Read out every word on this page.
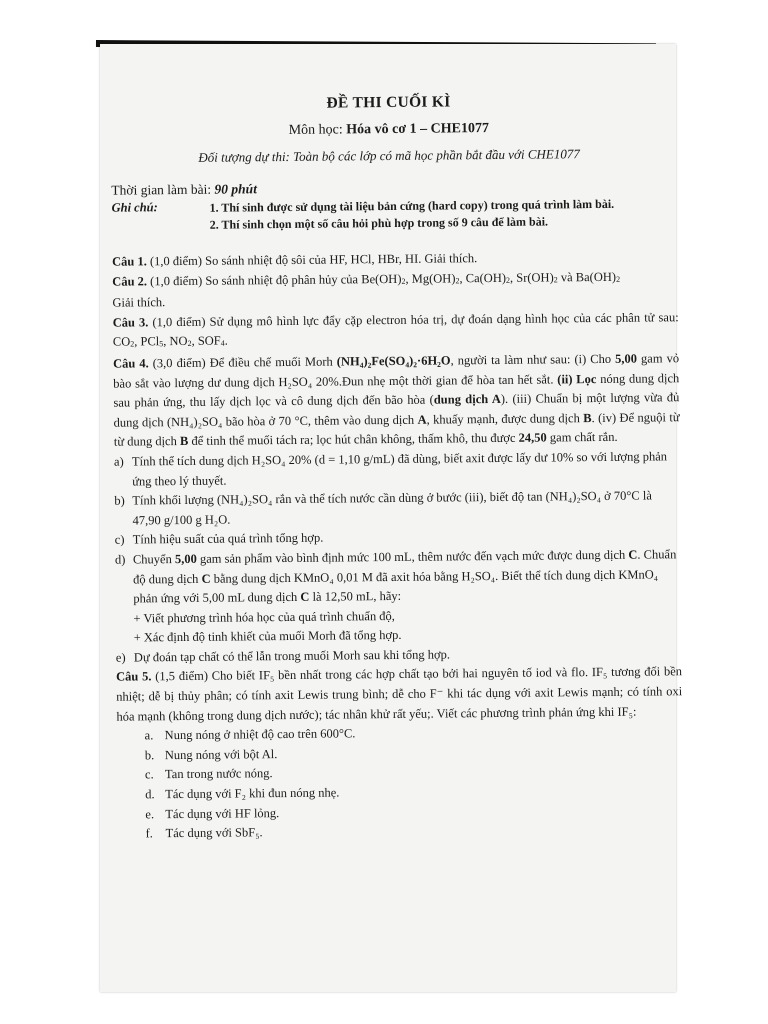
ĐỀ THI CUỐI KÌ
Môn học: Hóa vô cơ 1 – CHE1077
Đối tượng dự thi: Toàn bộ các lớp có mã học phần bắt đầu với CHE1077
Thời gian làm bài: 90 phút
Ghi chú:	1. Thí sinh được sử dụng tài liệu bản cứng (hard copy) trong quá trình làm bài.
2. Thí sinh chọn một số câu hỏi phù hợp trong số 9 câu để làm bài.

Câu 1. (1,0 điểm) So sánh nhiệt độ sôi của HF, HCl, HBr, HI. Giải thích.

Câu 2. (1,0 điểm) So sánh nhiệt độ phân hủy của $Be(OH)_2$, $Mg(OH)_2$, $Ca(OH)_2$, $Sr(OH)_2$ và $Ba(OH)_2$
Giải thích.

Câu 3. (1,0 điểm) Sử dụng mô hình lực đẩy cặp electron hóa trị, dự đoán dạng hình học của các phân tử sau: $CO_2$, PCl$_5$, $NO_2$, $SOF_4$.

Câu 4. (3,0 điểm) Để điều chế muối Morh (NH₄)₂Fe(SO₄)₂·6H₂O, người ta làm như sau: (i) Cho 5,00 gam vỏ bào sắt vào lượng dư dung dịch H₂SO₄ 20%.Đun nhẹ một thời gian để hòa tan hết sắt. (ii) Lọc nóng dung dịch sau phản ứng, thu lấy dịch lọc và cô dung dịch đến bão hòa (dung dịch A). (iii) Chuẩn bị một lượng vừa đủ dung dịch (NH₄)₂SO₄ bão hòa ở 70 °C, thêm vào dung dịch A, khuấy mạnh, được dung dịch B. (iv) Để nguội từ từ dung dịch B để tinh thể muối tách ra; lọc hút chân không, thấm khô, thu được 24,50 gam chất rắn.

a) Tính thể tích dung dịch H₂SO₄ 20% (d = 1,10 g/mL) đã dùng, biết axit được lấy dư 10% so với lượng phản ứng theo lý thuyết.
b) Tính khối lượng (NH₄)₂SO₄ rắn và thể tích nước cần dùng ở bước (iii), biết độ tan (NH₄)₂SO₄ ở 70°C là 47,90 g/100 g H₂O.
c) Tính hiệu suất của quá trình tổng hợp.
d) Chuyển 5,00 gam sản phẩm vào bình định mức 100 mL, thêm nước đến vạch mức được dung dịch C. Chuẩn độ dung dịch C bằng dung dịch KMnO₄ 0,01 M đã axit hóa bằng H₂SO₄. Biết thể tích dung dịch KMnO₄ phản ứng với 5,00 mL dung dịch C là 12,50 mL, hãy:
+ Viết phương trình hóa học của quá trình chuẩn độ,
+ Xác định độ tinh khiết của muối Morh đã tổng hợp.
e) Dự đoán tạp chất có thể lẫn trong muối Morh sau khi tổng hợp.

Câu 5. (1,5 điểm) Cho biết IF₅ bền nhất trong các hợp chất tạo bởi hai nguyên tố iod và flo. IF₅ tương đối bền nhiệt; dễ bị thủy phân; có tính axit Lewis trung bình; dễ cho F⁻ khi tác dụng với axit Lewis mạnh; có tính oxi hóa mạnh (không trong dung dịch nước); tác nhân khử rất yếu;. Viết các phương trình phản ứng khi IF₅:

a. Nung nóng ở nhiệt độ cao trên 600°C.
b. Nung nóng với bột Al.
c. Tan trong nước nóng.
d. Tác dụng với F₂ khi đun nóng nhẹ.
e. Tác dụng với HF lỏng.
f.	Tác dụng với SbF₅.
